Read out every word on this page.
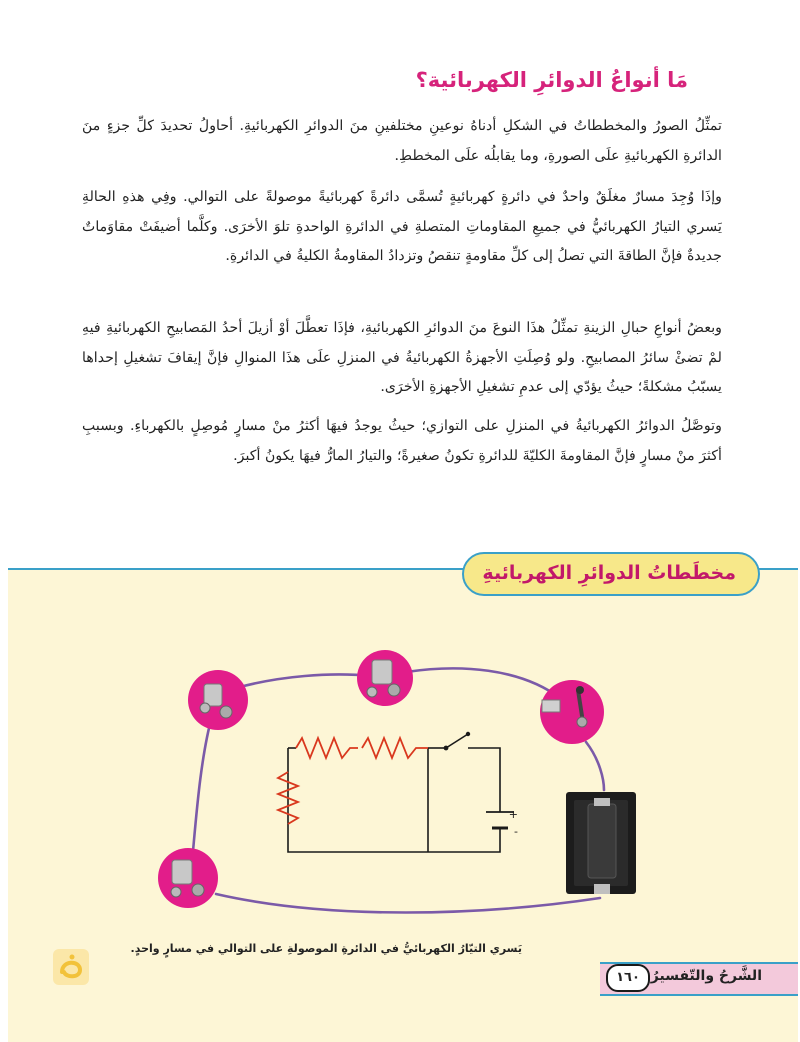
مَا أنواعُ الدوائرِ الكهربائية؟

تمثِّلُ الصورُ والمخططاتُ في الشكلِ أدناهُ نوعينِ مختلفينِ منَ الدوائرِ الكهربائيةِ. أحاولُ تحديدَ كلِّ جزءٍ منَ الدائرةِ الكهربائيةِ علَى الصورةِ، وما يقابلُه علَى المخططِ.

وإذَا وُجِدَ مسارٌ مغلَقٌ واحدٌ في دائرةٍ كهربائيةٍ تُسمَّى دائرةً كهربائيةً موصولةً على التوالي. وفِي هذهِ الحالةِ يَسري التيارُ الكهربائيُّ في جميعِ المقاوماتِ المتصلةِ في الدائرةِ الواحدةِ تلوَ الأخرَى. وكلَّما أضيفَتْ مقاوَماتٌ جديدةٌ فإنَّ الطاقةَ التي تصلُ إلى كلِّ مقاومةٍ تنقصُ وتزدادُ المقاومةُ الكليةُ في الدائرةِ.

وبعضُ أنواعِ حبالِ الزينةِ تمثِّلُ هذَا النوعَ منَ الدوائرِ الكهربائيةِ، فإذَا تعطَّلَ أوْ أزيلَ أحدُ المَصابيحِ الكهربائيةِ فيهِ لمْ تضئْ سائرُ المصابيحِ. ولو وُصِلَتِ الأجهزةُ الكهربائيةُ في المنزلِ علَى هذَا المنوالِ فإنَّ إيقافَ تشغيلِ إحداها يسبّبُ مشكلةً؛ حيثُ يؤدّي إلى عدمِ تشغيلِ الأجهزةِ الأخرَى.

وتوصَّلُ الدوائرُ الكهربائيةُ في المنزلِ على التوازي؛ حيثُ يوجدُ فيهَا أكثرُ منْ مسارٍ مُوصِلٍ بالكهرباءِ. وبسببِ أكثرَ منْ مسارٍ فإنَّ المقاومةَ الكليّةَ للدائرةِ تكونُ صغيرةً؛ والتيارُ المارُّ فيهَا يكونُ أكبرَ.

+
-
مخطَطاتُ الدوائرِ الكهربائيةِ
يَسري التيّارُ الكهربائيُّ في الدائرةِ الموصولةِ على التوالي في مسارٍ واحدٍ.
الشَّرحُ والتّفسيرُ
١٦٠
